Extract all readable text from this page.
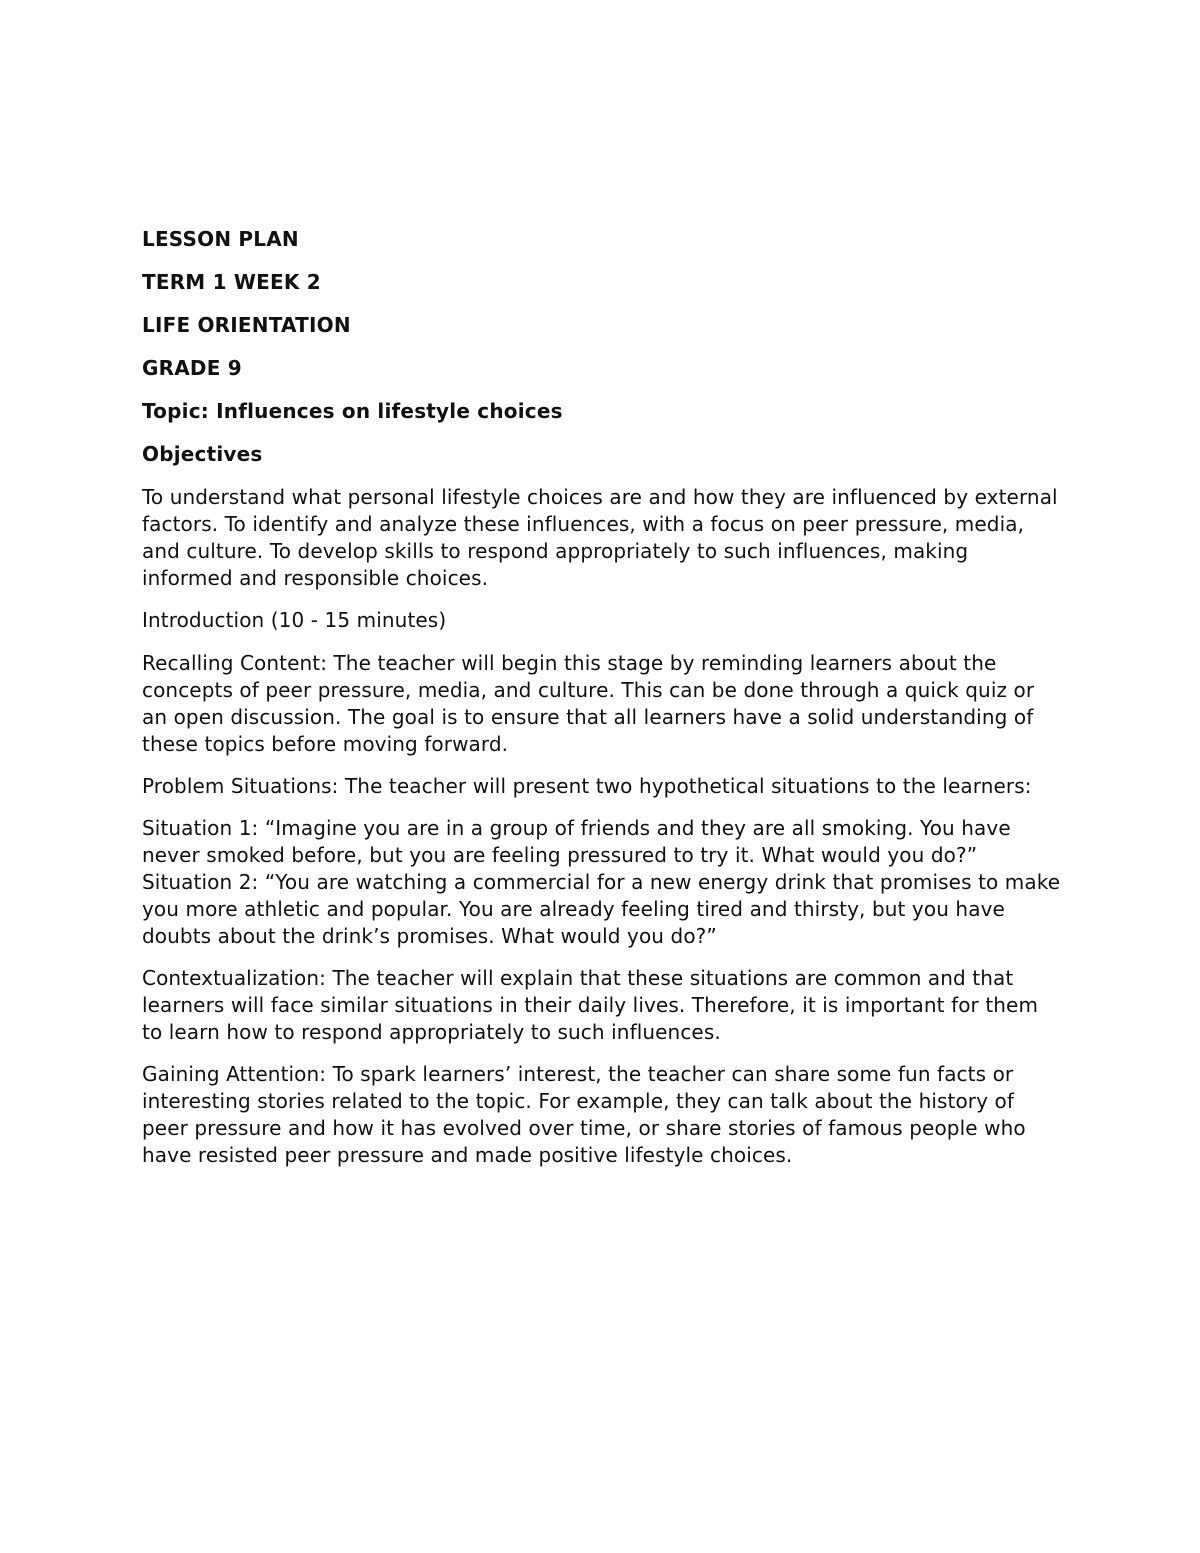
LESSON PLAN
TERM 1 WEEK 2
LIFE ORIENTATION
GRADE 9
Topic: Influences on lifestyle choices
Objectives

To understand what personal lifestyle choices are and how they are influenced by external factors. To identify and analyze these influences, with a focus on peer pressure, media, and culture. To develop skills to respond appropriately to such influences, making informed and responsible choices.

Introduction (10 - 15 minutes)

Recalling Content: The teacher will begin this stage by reminding learners about the concepts of peer pressure, media, and culture. This can be done through a quick quiz or an open discussion. The goal is to ensure that all learners have a solid understanding of these topics before moving forward.

Problem Situations: The teacher will present two hypothetical situations to the learners:

Situation 1: “Imagine you are in a group of friends and they are all smoking. You have never smoked before, but you are feeling pressured to try it. What would you do?” Situation 2: “You are watching a commercial for a new energy drink that promises to make you more athletic and popular. You are already feeling tired and thirsty, but you have doubts about the drink’s promises. What would you do?”

Contextualization: The teacher will explain that these situations are common and that learners will face similar situations in their daily lives. Therefore, it is important for them to learn how to respond appropriately to such influences.

Gaining Attention: To spark learners’ interest, the teacher can share some fun facts or interesting stories related to the topic. For example, they can talk about the history of peer pressure and how it has evolved over time, or share stories of famous people who have resisted peer pressure and made positive lifestyle choices.
